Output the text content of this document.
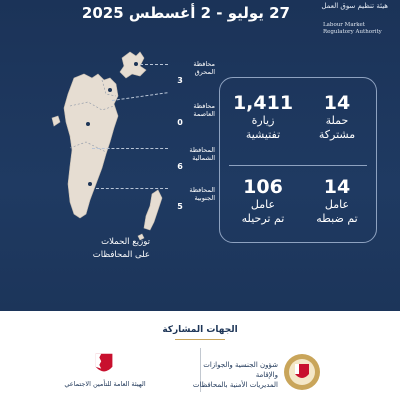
27 يوليو - 2 أغسطس 2025	هيئة تنظيم سوق العمل
Labour Market
Regulatory Authority
محافظة
المحرق
3
محافظة
العاصمة
0
المحافظة
الشمالية
6
المحافظة
الجنوبية
5
توزيع الحملات
على المحافظات
14
حملة
مشتركة
1,411
زيارة
تفتيشية
14
عامل
تم ضبطه
106
عامل
تم ترحيله
الجهات المشاركة
شؤون الجنسية والجوازات والإقامة
المديريات الأمنية بالمحافظات
الهيئة العامة للتأمين الاجتماعي
